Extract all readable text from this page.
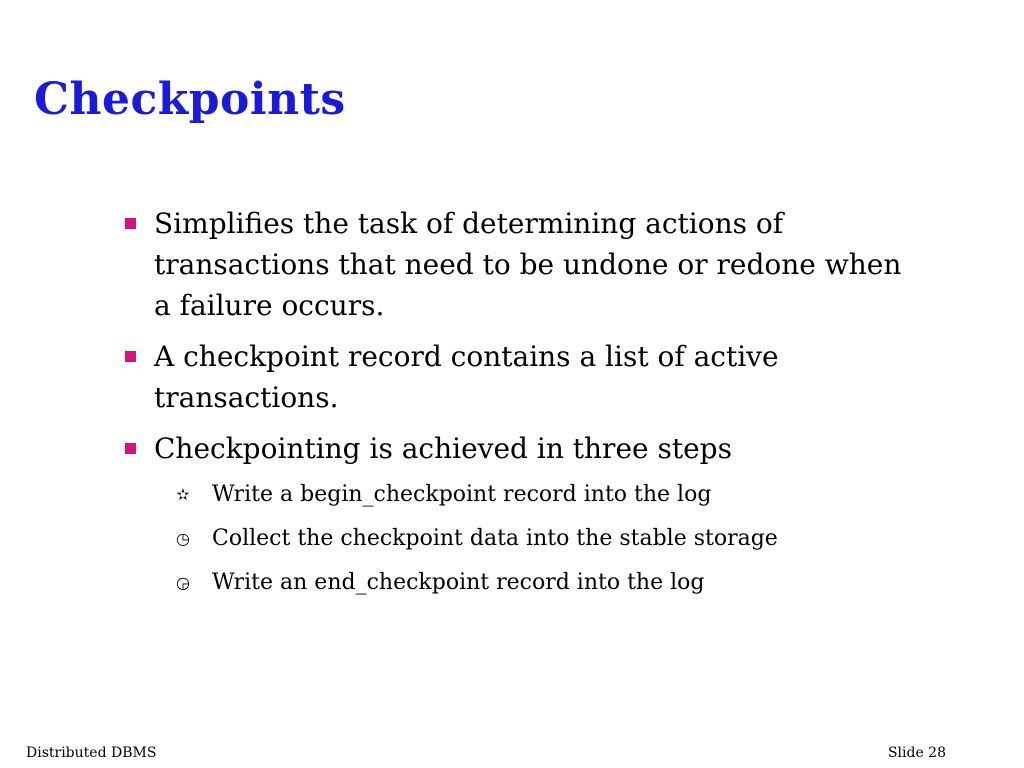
Checkpoints
Simplifies the task of determining actions of transactions that need to be undone or redone when a failure occurs.
A checkpoint record contains a list of active transactions.
Checkpointing is achieved in three steps
✫ Write a begin_checkpoint record into the log
◷ Collect the checkpoint data into the stable storage
◶ Write an end_checkpoint record into the log
Distributed DBMS	Slide 28
